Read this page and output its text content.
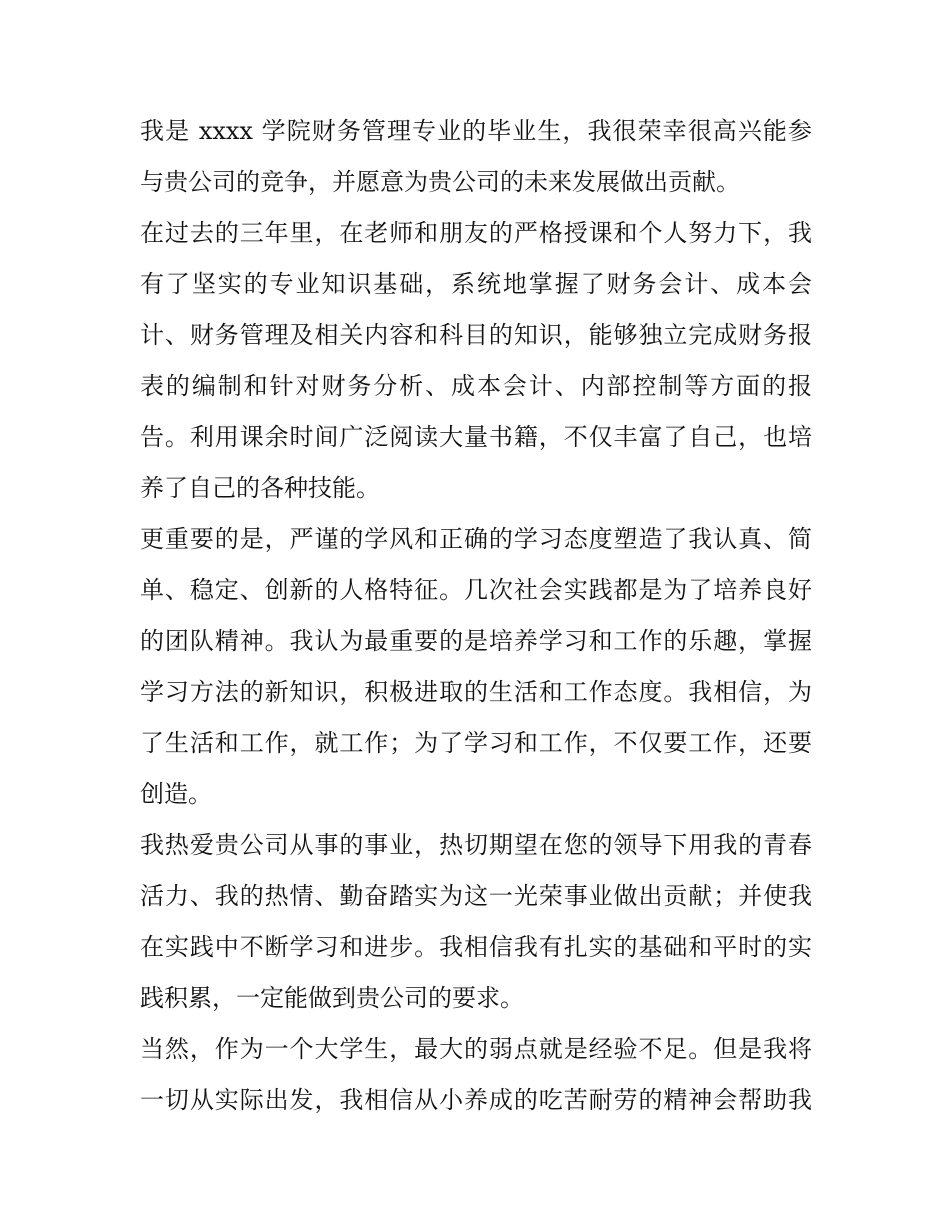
我是 xxxx 学院财务管理专业的毕业生，我很荣幸很高兴能参
与贵公司的竞争，并愿意为贵公司的未来发展做出贡献。

在过去的三年里，在老师和朋友的严格授课和个人努力下，我
有了坚实的专业知识基础，系统地掌握了财务会计、成本会
计、财务管理及相关内容和科目的知识，能够独立完成财务报
表的编制和针对财务分析、成本会计、内部控制等方面的报
告。利用课余时间广泛阅读大量书籍，不仅丰富了自己，也培
养了自己的各种技能。

更重要的是，严谨的学风和正确的学习态度塑造了我认真、简
单、稳定、创新的人格特征。几次社会实践都是为了培养良好
的团队精神。我认为最重要的是培养学习和工作的乐趣，掌握
学习方法的新知识，积极进取的生活和工作态度。我相信，为
了生活和工作，就工作；为了学习和工作，不仅要工作，还要
创造。

我热爱贵公司从事的事业，热切期望在您的领导下用我的青春
活力、我的热情、勤奋踏实为这一光荣事业做出贡献；并使我
在实践中不断学习和进步。我相信我有扎实的基础和平时的实
践积累，一定能做到贵公司的要求。

当然，作为一个大学生，最大的弱点就是经验不足。但是我将
一切从实际出发，我相信从小养成的吃苦耐劳的精神会帮助我
